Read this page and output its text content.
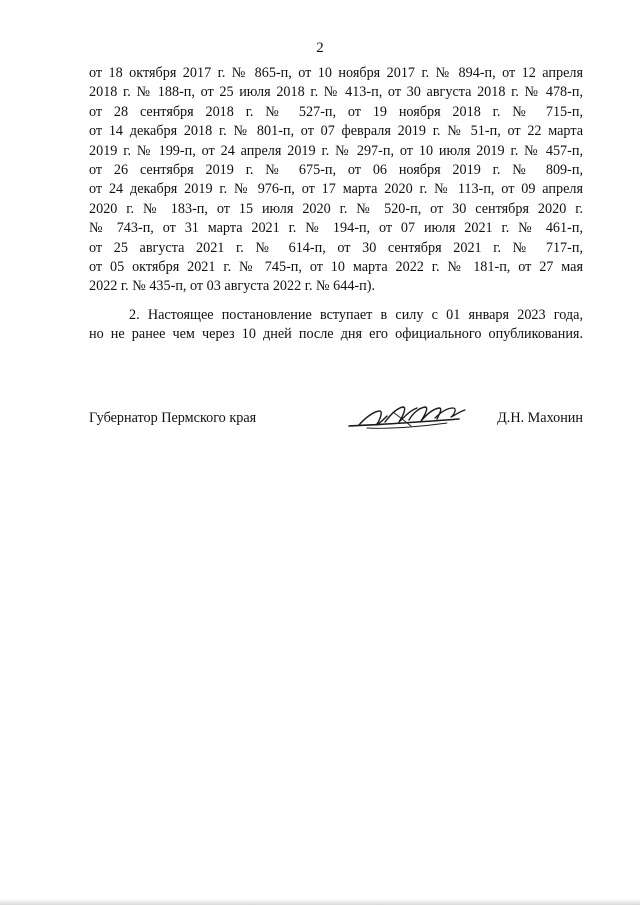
2
от 18 октября 2017 г. № 865-п, от 10 ноября 2017 г. № 894-п, от 12 апреля
2018 г. № 188-п, от 25 июля 2018 г. № 413-п, от 30 августа 2018 г. № 478-п,
от 28 сентября 2018 г. № 527-п, от 19 ноября 2018 г. № 715-п,
от 14 декабря 2018 г. № 801-п, от 07 февраля 2019 г. № 51-п, от 22 марта
2019 г. № 199-п, от 24 апреля 2019 г. № 297-п, от 10 июля 2019 г. № 457-п,
от 26 сентября 2019 г. № 675-п, от 06 ноября 2019 г. № 809-п,
от 24 декабря 2019 г. № 976-п, от 17 марта 2020 г. № 113-п, от 09 апреля
2020 г. № 183-п, от 15 июля 2020 г. № 520-п, от 30 сентября 2020 г.
№ 743-п, от 31 марта 2021 г. № 194-п, от 07 июля 2021 г. № 461-п,
от 25 августа 2021 г. № 614-п, от 30 сентября 2021 г. № 717-п,
от 05 октября 2021 г. № 745-п, от 10 марта 2022 г. № 181-п, от 27 мая
2022 г. № 435-п, от 03 августа 2022 г. № 644-п).
2. Настоящее постановление вступает в силу с 01 января 2023 года,
но не ранее чем через 10 дней после дня его официального опубликования.
Губернатор Пермского края	Д.Н. Махонин
